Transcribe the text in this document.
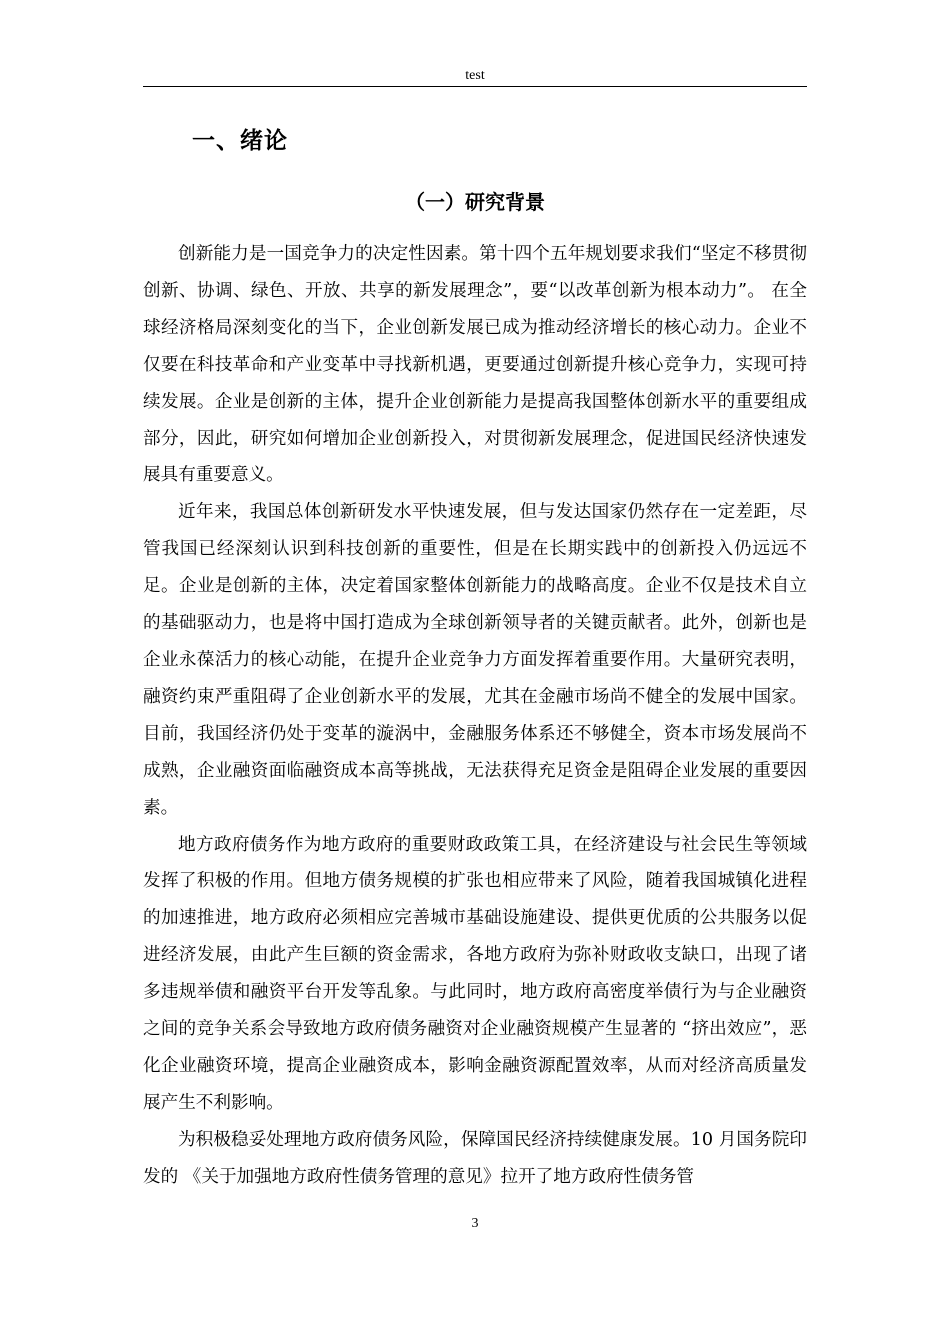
test
一、绪论
（一）研究背景

创新能力是一国竞争力的决定性因素。第十四个五年规划要求我们“坚定不移贯彻创新、协调、绿色、开放、共享的新发展理念”，要“以改革创新为根本动力”。 在全球经济格局深刻变化的当下，企业创新发展已成为推动经济增长的核心动力。企业不仅要在科技革命和产业变革中寻找新机遇，更要通过创新提升核心竞争力，实现可持续发展。企业是创新的主体，提升企业创新能力是提高我国整体创新水平的重要组成部分，因此，研究如何增加企业创新投入，对贯彻新发展理念，促进国民经济快速发展具有重要意义。

近年来，我国总体创新研发水平快速发展，但与发达国家仍然存在一定差距，尽管我国已经深刻认识到科技创新的重要性，但是在长期实践中的创新投入仍远远不足。企业是创新的主体，决定着国家整体创新能力的战略高度。企业不仅是技术自立的基础驱动力，也是将中国打造成为全球创新领导者的关键贡献者。此外，创新也是企业永葆活力的核心动能，在提升企业竞争力方面发挥着重要作用。大量研究表明，融资约束严重阻碍了企业创新水平的发展，尤其在金融市场尚不健全的发展中国家。目前，我国经济仍处于变革的漩涡中，金融服务体系还不够健全，资本市场发展尚不成熟，企业融资面临融资成本高等挑战，无法获得充足资金是阻碍企业发展的重要因素。

地方政府债务作为地方政府的重要财政政策工具，在经济建设与社会民生等领域发挥了积极的作用。但地方债务规模的扩张也相应带来了风险，随着我国城镇化进程的加速推进，地方政府必须相应完善城市基础设施建设、提供更优质的公共服务以促进经济发展，由此产生巨额的资金需求，各地方政府为弥补财政收支缺口，出现了诸多违规举债和融资平台开发等乱象。与此同时，地方政府高密度举债行为与企业融资之间的竞争关系会导致地方政府债务融资对企业融资规模产生显著的 “挤出效应”，恶化企业融资环境，提高企业融资成本，影响金融资源配置效率，从而对经济高质量发展产生不利影响。

为积极稳妥处理地方政府债务风险，保障国民经济持续健康发展。10 月国务院印发的 《关于加强地方政府性债务管理的意见》拉开了地方政府性债务管

3
